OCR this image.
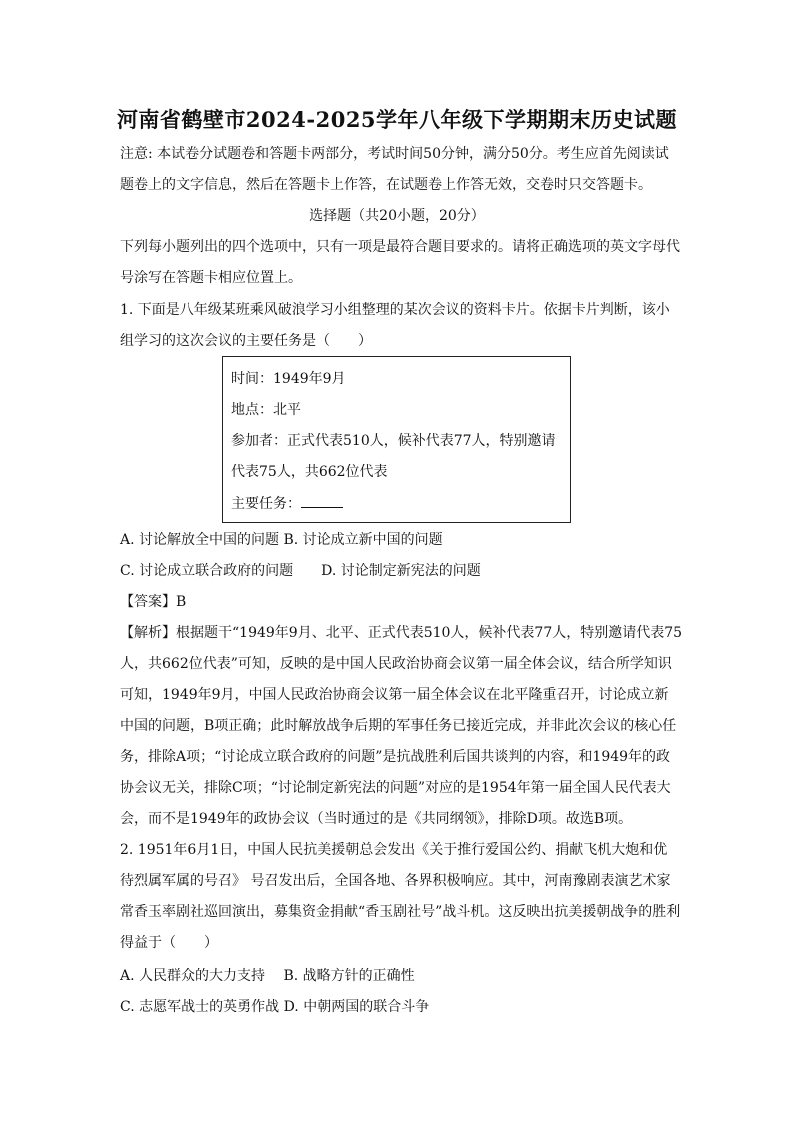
河南省鹤壁市2024-2025学年八年级下学期期末历史试题
注意: 本试卷分试题卷和答题卡两部分，考试时间50分钟，满分50分。考生应首先阅读试
题卷上的文字信息，然后在答题卡上作答，在试题卷上作答无效，交卷时只交答题卡。
选择题（共20小题，20分）
下列每小题列出的四个选项中，只有一项是最符合题目要求的。请将正确选项的英文字母代
号涂写在答题卡相应位置上。
1. 下面是八年级某班乘风破浪学习小组整理的某次会议的资料卡片。依据卡片判断，该小
组学习的这次会议的主要任务是（　　）
时间：1949年9月
地点：北平
参加者：正式代表510人，候补代表77人，特别邀请
代表75人，共662位代表
主要任务：
A. 讨论解放全中国的问题 B. 讨论成立新中国的问题
C. 讨论成立联合政府的问题　　D. 讨论制定新宪法的问题
【答案】B
【解析】根据题干“1949年9月、北平、正式代表510人，候补代表77人，特别邀请代表75
人，共662位代表”可知，反映的是中国人民政治协商会议第一届全体会议，结合所学知识
可知，1949年9月，中国人民政治协商会议第一届全体会议在北平隆重召开，讨论成立新
中国的问题，B项正确；此时解放战争后期的军事任务已接近完成，并非此次会议的核心任
务，排除A项；“讨论成立联合政府的问题”是抗战胜利后国共谈判的内容，和1949年的政
协会议无关，排除C项；“讨论制定新宪法的问题”对应的是1954年第一届全国人民代表大
会，而不是1949年的政协会议（当时通过的是《共同纲领》，排除D项。故选B项。
2. 1951年6月1日，中国人民抗美援朝总会发出《关于推行爱国公约、捐献飞机大炮和优
待烈属军属的号召》 号召发出后，全国各地、各界积极响应。其中，河南豫剧表演艺术家
常香玉率剧社巡回演出，募集资金捐献“香玉剧社号”战斗机。这反映出抗美援朝战争的胜利
得益于（　　）
A. 人民群众的大力支持　 B. 战略方针的正确性
C. 志愿军战士的英勇作战 D. 中朝两国的联合斗争
